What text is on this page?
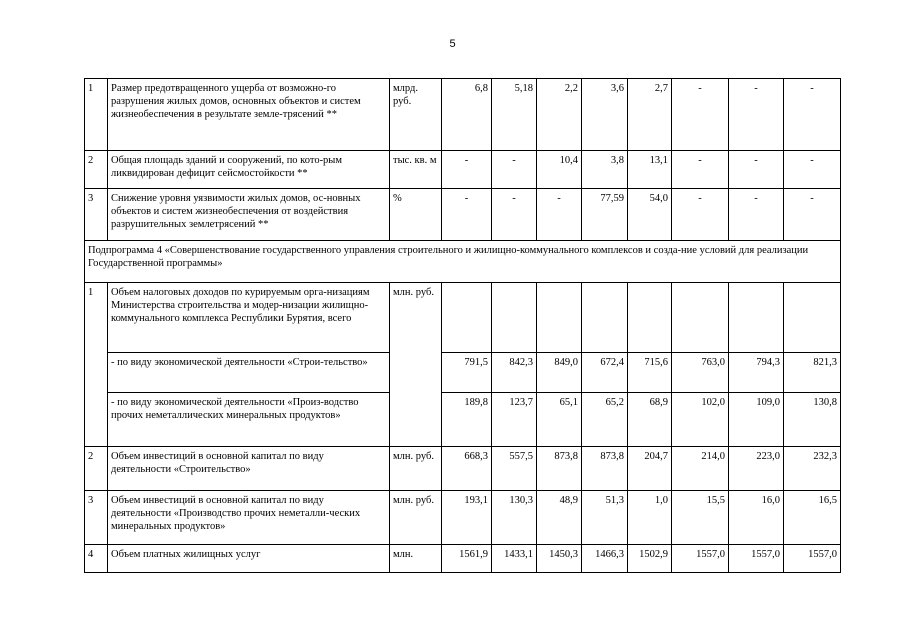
5
1	Размер предотвращенного ущерба от возможно-го разрушения жилых домов, основных объектов и систем жизнеобеспечения в результате земле-трясений **	млрд. руб.	6,8	5,18	2,2	3,6	2,7	-	-	-
2	Общая площадь зданий и сооружений, по кото-рым ликвидирован дефицит сейсмостойкости **	тыс. кв. м	-	-	10,4	3,8	13,1	-	-	-
3	Снижение уровня уязвимости жилых домов, ос-новных объектов и систем жизнеобеспечения от воздействия разрушительных землетрясений **	%	-	-	-	77,59	54,0	-	-	-
Подпрограмма 4 «Совершенствование государственного управления строительного и жилищно-коммунального комплексов и созда-ние условий для реализации Государственной программы»										
1	Объем налоговых доходов по курируемым орга-низациям Министерства строительства и модер-низации жилищно-коммунального комплекса Республики Бурятия, всего	млн. руб.								
	- по виду экономической деятельности «Строи-тельство»		791,5	842,3	849,0	672,4	715,6	763,0	794,3	821,3
	- по виду экономической деятельности «Произ-водство прочих неметаллических минеральных продуктов»		189,8	123,7	65,1	65,2	68,9	102,0	109,0	130,8
2	Объем инвестиций в основной капитал по виду деятельности «Строительство»	млн. руб.	668,3	557,5	873,8	873,8	204,7	214,0	223,0	232,3
3	Объем инвестиций в основной капитал по виду деятельности «Производство прочих неметалли-ческих минеральных продуктов»	млн. руб.	193,1	130,3	48,9	51,3	1,0	15,5	16,0	16,5
4	Объем платных жилищных услуг	млн.	1561,9	1433,1	1450,3	1466,3	1502,9	1557,0	1557,0	1557,0
